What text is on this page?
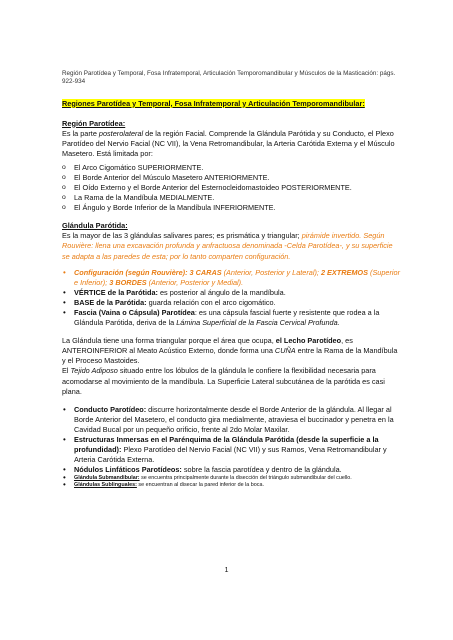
Región Parotídea y Temporal, Fosa Infratemporal, Articulación Temporomandibular y Músculos de la Masticación: págs. 922-934

Regiones Parotídea y Temporal, Fosa Infratemporal y Articulación Temporomandibular:

Región Parotídea:

Es la parte posterolateral de la región Facial. Comprende la Glándula Parótida y su Conducto, el Plexo Parotídeo del Nervio Facial (NC VII), la Vena Retromandibular, la Arteria Carótida Externa y el Músculo Masetero. Está limitada por:

o El Arco Cigomático SUPERIORMENTE.
o El Borde Anterior del Músculo Masetero ANTERIORMENTE.
o El Oído Externo y el Borde Anterior del Esternocleidomastoideo POSTERIORMENTE.
o La Rama de la Mandíbula MEDIALMENTE.
o El Ángulo y Borde Inferior de la Mandíbula INFERIORMENTE.

Glándula Parótida:

Es la mayor de las 3 glándulas salivares pares; es prismática y triangular; pirámide invertido. Según Rouvière: llena una excavación profunda y anfractuosa denominada -Celda Parotídea-, y su superficie se adapta a las paredes de esta; por lo tanto comparten configuración.

• Configuración (según Rouvière): 3 CARAS (Anterior, Posterior y Lateral); 2 EXTREMOS (Superior e Inferior); 3 BORDES (Anterior, Posterior y Medial).
• VÉRTICE de la Parótida: es posterior al ángulo de la mandíbula.
• BASE de la Parótida: guarda relación con el arco cigomático.
• Fascia (Vaina o Cápsula) Parotídea: es una cápsula fascial fuerte y resistente que rodea a la Glándula Parótida, deriva de la Lámina Superficial de la Fascia Cervical Profunda.

La Glándula tiene una forma triangular porque el área que ocupa, el Lecho Parotídeo, es ANTEROINFERIOR al Meato Acústico Externo, donde forma una CUÑA entre la Rama de la Mandíbula y el Proceso Mastoides.

El Tejido Adiposo situado entre los lóbulos de la glándula le confiere la flexibilidad necesaria para acomodarse al movimiento de la mandíbula. La Superficie Lateral subcutánea de la parótida es casi plana.

• Conducto Parotídeo: discurre horizontalmente desde el Borde Anterior de la glándula. Al llegar al Borde Anterior del Masetero, el conducto gira medialmente, atraviesa el buccinador y penetra en la Cavidad Bucal por un pequeño orificio, frente al 2do Molar Maxilar.
• Estructuras Inmersas en el Parénquima de la Glándula Parótida (desde la superficie a la profundidad): Plexo Parotídeo del Nervio Facial (NC VII) y sus Ramos, Vena Retromandibular y Arteria Carótida Externa.
• Nódulos Linfáticos Parotídeos: sobre la fascia parotídea y dentro de la glándula.
• Glándula Submandibular: se encuentra principalmente durante la disección del triángulo submandibular del cuello.
• Glándulas Sublinguales: se encuentran al disecar la pared inferior de la boca.
1
